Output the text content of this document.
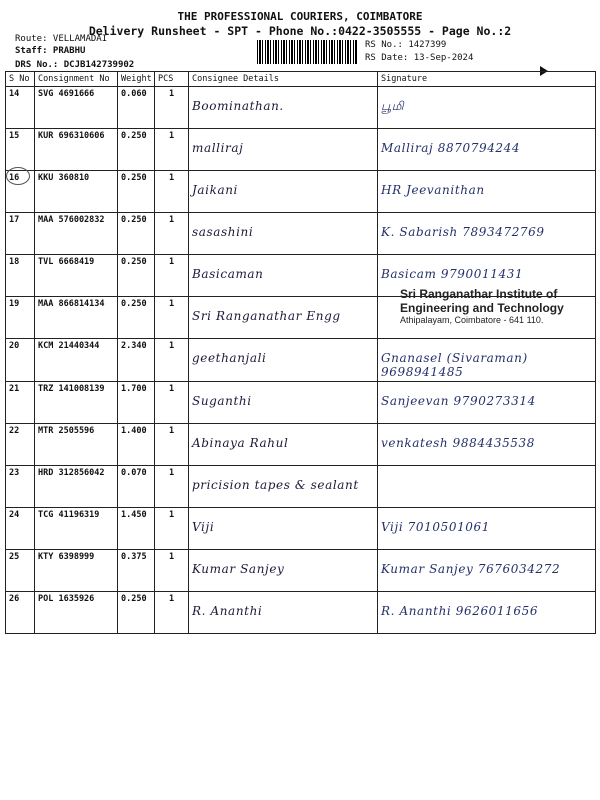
THE PROFESSIONAL COURIERS, COIMBATORE
Delivery Runsheet - SPT - Phone No.:0422-3505555 - Page No.:2
Route: VELLAMADAI
Staff: PRABHU
DRS No.: DCJB142739902
RS No.: 1427399
RS Date: 13-Sep-2024
S No	Consignment No	Weight	PCS	Consignee Details	Signature
14	SVG 4691666	0.060	1	Boominathan.	பூமி

15	KUR 696310606	0.250	1	malliraj	Malliraj 8870794244

16	KKU 360810	0.250	1	Jaikani	HR Jeevanithan

17	MAA 576002832	0.250	1	sasashini	K. Sabarish 7893472769

18	TVL 6668419	0.250	1	Basicaman	Basicam 9790011431

19	MAA 866814134	0.250	1	Sri Ranganathar Engg	

20	KCM 21440344	2.340	1	geethanjali	Gnanasel (Sivaraman) 9698941485

21	TRZ 141008139	1.700	1	Suganthi	Sanjeevan 9790273314

22	MTR 2505596	1.400	1	Abinaya Rahul	venkatesh 9884435538

23	HRD 312856042	0.070	1	pricision tapes & sealant	

24	TCG 41196319	1.450	1	Viji	Viji 7010501061

25	KTY 6398999	0.375	1	Kumar Sanjey	Kumar Sanjey 7676034272

26	POL 1635926	0.250	1	R. Ananthi	R. Ananthi 9626011656
Sri Ranganathar Institute of
Engineering and Technology
Athipalayam, Coimbatore - 641 110.
